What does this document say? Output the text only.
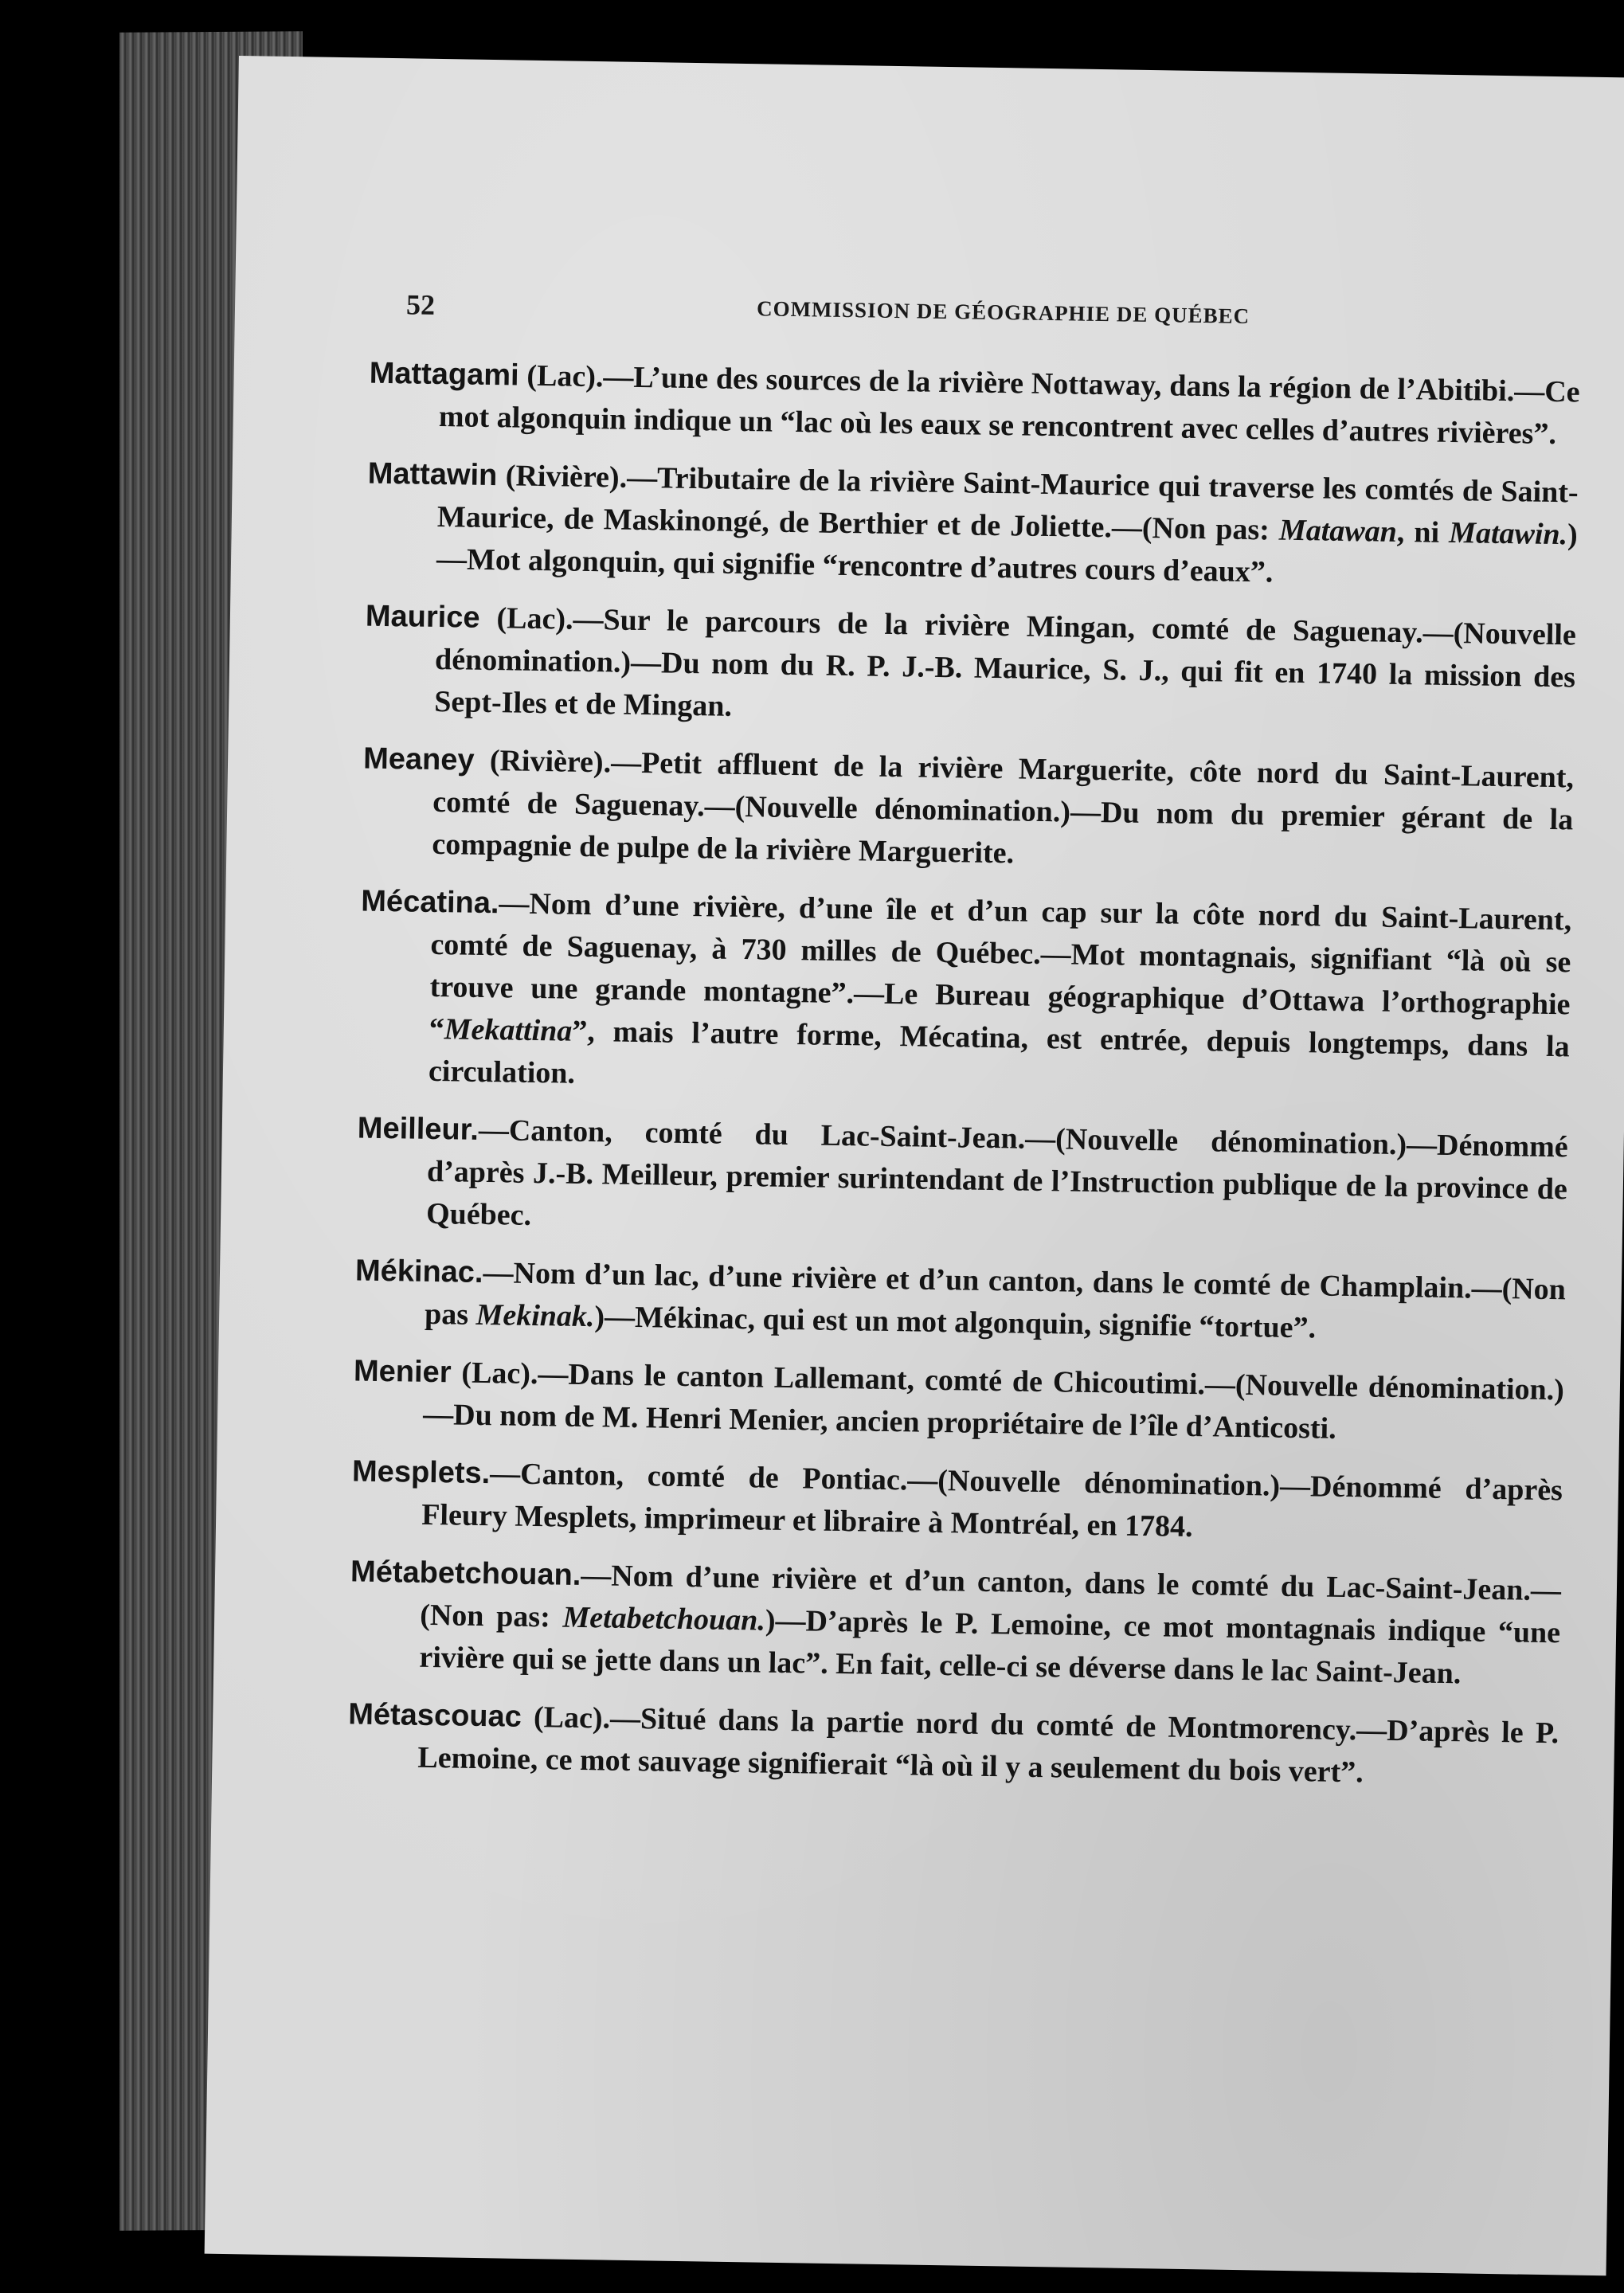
52	COMMISSION DE GÉOGRAPHIE DE QUÉBEC

Mattagami (Lac).—L’une des sources de la rivière Nottaway, dans la région de l’Abitibi.—Ce mot algonquin indique un “lac où les eaux se rencontrent avec celles d’autres rivières”.

Mattawin (Rivière).—Tributaire de la rivière Saint-Maurice qui traverse les comtés de Saint-Maurice, de Maskinongé, de Berthier et de Joliette.—(Non pas: Matawan, ni Matawin.)—Mot algonquin, qui signifie “rencontre d’autres cours d’eaux”.

Maurice (Lac).—Sur le parcours de la rivière Mingan, comté de Saguenay.—(Nouvelle dénomination.)—Du nom du R. P. J.-B. Maurice, S. J., qui fit en 1740 la mission des Sept-Iles et de Mingan.

Meaney (Rivière).—Petit affluent de la rivière Marguerite, côte nord du Saint-Laurent, comté de Saguenay.—(Nouvelle dénomination.)—Du nom du premier gérant de la compagnie de pulpe de la rivière Marguerite.

Mécatina.—Nom d’une rivière, d’une île et d’un cap sur la côte nord du Saint-Laurent, comté de Saguenay, à 730 milles de Québec.—Mot montagnais, signifiant “là où se trouve une grande montagne”.—Le Bureau géographique d’Ottawa l’orthographie “Mekattina”, mais l’autre forme, Mécatina, est entrée, depuis longtemps, dans la circulation.

Meilleur.—Canton, comté du Lac-Saint-Jean.—(Nouvelle dénomination.)—Dénommé d’après J.-B. Meilleur, premier surintendant de l’Instruction publique de la province de Québec.

Mékinac.—Nom d’un lac, d’une rivière et d’un canton, dans le comté de Champlain.—(Non pas Mekinak.)—Mékinac, qui est un mot algonquin, signifie “tortue”.

Menier (Lac).—Dans le canton Lallemant, comté de Chicoutimi.—(Nouvelle dénomination.)—Du nom de M. Henri Menier, ancien propriétaire de l’île d’Anticosti.

Mesplets.—Canton, comté de Pontiac.—(Nouvelle dénomination.)—Dénommé d’après Fleury Mesplets, imprimeur et libraire à Montréal, en 1784.

Métabetchouan.—Nom d’une rivière et d’un canton, dans le comté du Lac-Saint-Jean.—(Non pas: Metabetchouan.)—D’après le P. Lemoine, ce mot montagnais indique “une rivière qui se jette dans un lac”. En fait, celle-ci se déverse dans le lac Saint-Jean.

Métascouac (Lac).—Situé dans la partie nord du comté de Montmorency.—D’après le P. Lemoine, ce mot sauvage signifierait “là où il y a seulement du bois vert”.
